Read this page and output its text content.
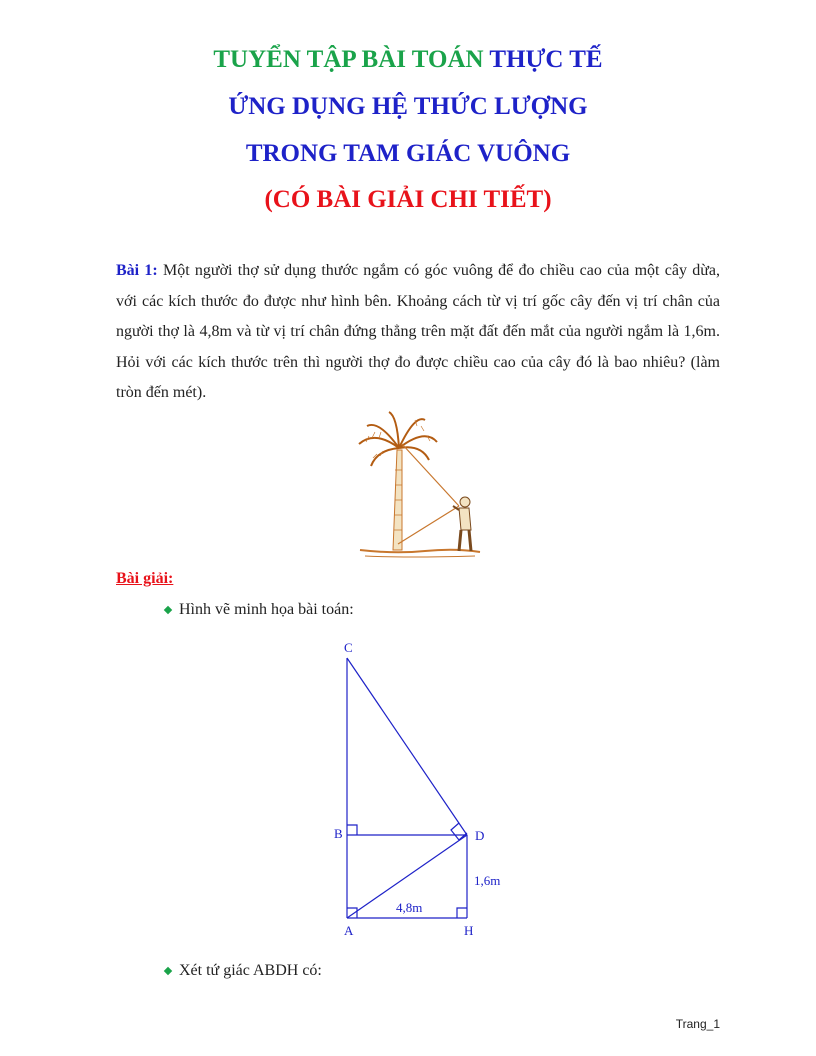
TUYỂN TẬP BÀI TOÁN THỰC TẾ
ỨNG DỤNG HỆ THỨC LƯỢNG
TRONG TAM GIÁC VUÔNG
(CÓ BÀI GIẢI CHI TIẾT)

Bài 1: Một người thợ sử dụng thước ngắm có góc vuông để đo chiều cao của một cây dừa, với các kích thước đo được như hình bên. Khoảng cách từ vị trí gốc cây đến vị trí chân của người thợ là 4,8m và từ vị trí chân đứng thẳng trên mặt đất đến mắt của người ngắm là 1,6m. Hỏi với các kích thước trên thì người thợ đo được chiều cao của cây đó là bao nhiêu? (làm tròn đến mét).

Bài giải:

Hình vẽ minh họa bài toán:

C
B	D
A	H
4,8m
1,6m

Xét tứ giác ABDH có:

Trang_1
